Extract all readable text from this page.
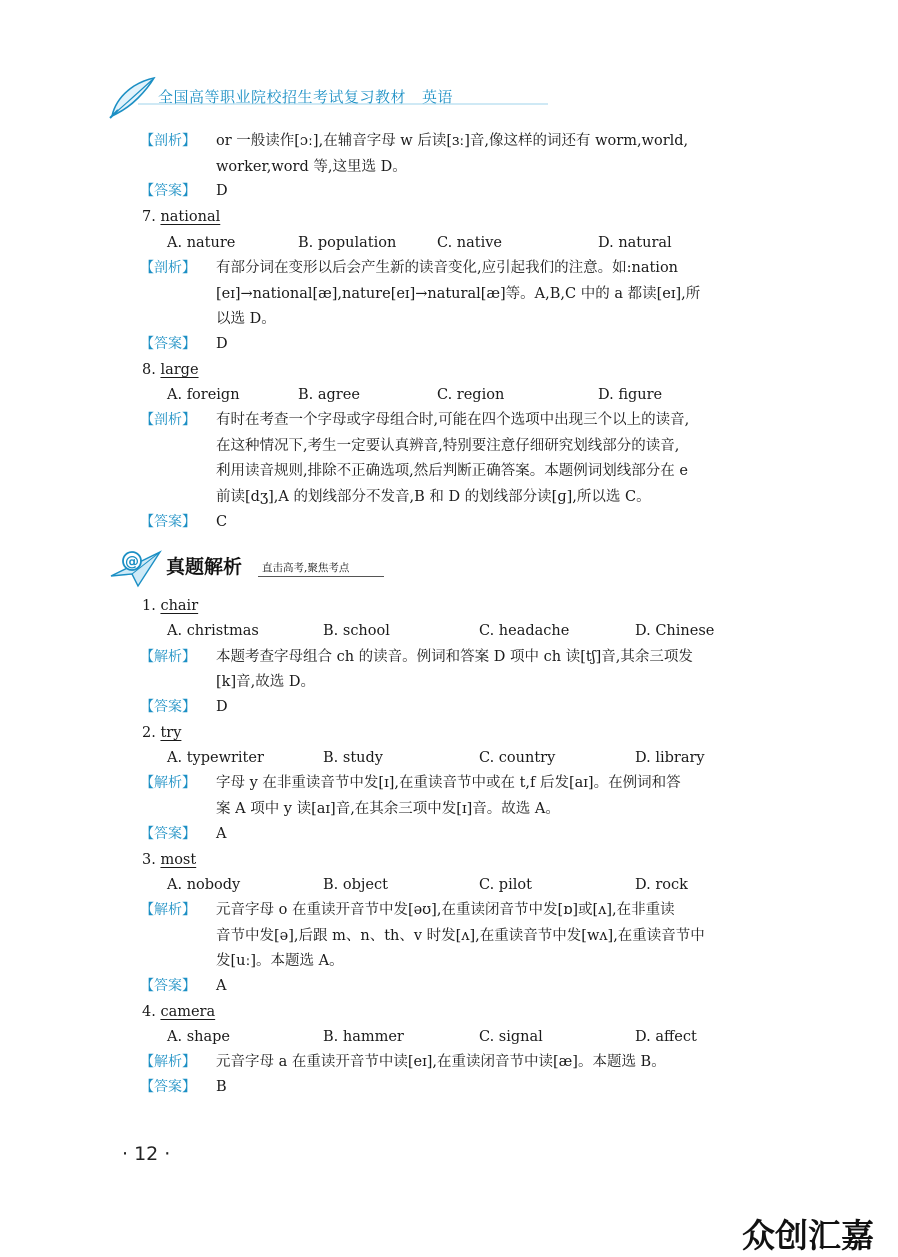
全国高等职业院校招生考试复习教材 英语
【剖析】 or 一般读作[ɔː],在辅音字母 w 后读[ɜː]音,像这样的词还有 worm,world,
worker,word 等,这里选 D。
【答案】 D
7. national
A. nature	B. population	C. native	D. natural
【剖析】 有部分词在变形以后会产生新的读音变化,应引起我们的注意。如:nation
[eɪ]→national[æ],nature[eɪ]→natural[æ]等。A,B,C 中的 a 都读[eɪ],所
以选 D。
【答案】 D
8. large
A. foreign	B. agree	C. region	D. figure
【剖析】 有时在考查一个字母或字母组合时,可能在四个选项中出现三个以上的读音,
在这种情况下,考生一定要认真辨音,特别要注意仔细研究划线部分的读音,
利用读音规则,排除不正确选项,然后判断正确答案。本题例词划线部分在 e
前读[dʒ],A 的划线部分不发音,B 和 D 的划线部分读[ɡ],所以选 C。
【答案】 C
@ 真题解析 直击高考,聚焦考点
1. chair
A. christmas	B. school	C. headache	D. Chinese
【解析】 本题考查字母组合 ch 的读音。例词和答案 D 项中 ch 读[tʃ]音,其余三项发
[k]音,故选 D。
【答案】 D
2. try
A. typewriter	B. study	C. country	D. library
【解析】 字母 y 在非重读音节中发[ɪ],在重读音节中或在 t,f 后发[aɪ]。在例词和答
案 A 项中 y 读[aɪ]音,在其余三项中发[ɪ]音。故选 A。
【答案】 A
3. most
A. nobody	B. object	C. pilot	D. rock
【解析】 元音字母 o 在重读开音节中发[əʊ],在重读闭音节中发[ɒ]或[ʌ],在非重读
音节中发[ə],后跟 m、n、th、v 时发[ʌ],在重读音节中发[wʌ],在重读音节中
发[uː]。本题选 A。
【答案】 A
4. camera
A. shape	B. hammer	C. signal	D. affect
【解析】 元音字母 a 在重读开音节中读[eɪ],在重读闭音节中读[æ]。本题选 B。
【答案】 B
· 12 ·
众创汇嘉
